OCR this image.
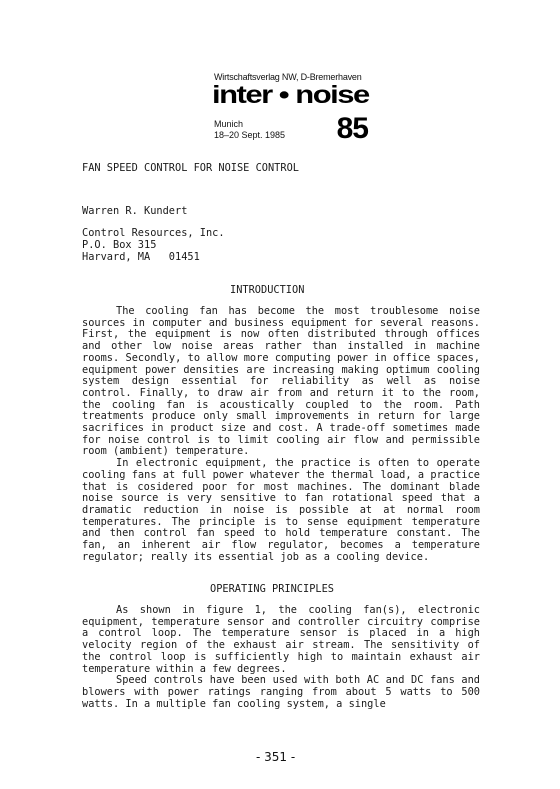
Wirtschaftsverlag NW, D-Bremerhaven
inter • noise
Munich
18–20 Sept. 1985 85
FAN SPEED CONTROL FOR NOISE CONTROL
Warren R. Kundert
Control Resources, Inc.
P.O. Box 315
Harvard, MA   01451
INTRODUCTION

The cooling fan has become the most troublesome noise sources in computer and business equipment for several reasons. First, the equipment is now often distributed through offices and other low noise areas rather than installed in machine rooms. Secondly, to allow more computing power in office spaces, equipment power densities are increasing making optimum cooling system design essential for reliability as well as noise control. Finally, to draw air from and return it to the room, the cooling fan is acoustically coupled to the room. Path treatments produce only small improvements in return for large sacrifices in product size and cost. A trade-off sometimes made for noise control is to limit cooling air flow and permissible room (ambient) temperature.

In electronic equipment, the practice is often to operate cooling fans at full power whatever the thermal load, a practice that is cosidered poor for most machines. The dominant blade noise source is very sensitive to fan rotational speed that a dramatic reduction in noise is possible at at normal room temperatures. The principle is to sense equipment temperature and then control fan speed to hold temperature constant. The fan, an inherent air flow regulator, becomes a temperature regulator; really its essential job as a cooling device.

OPERATING PRINCIPLES

As shown in figure 1, the cooling fan(s), electronic equipment, temperature sensor and controller circuitry comprise a control loop. The temperature sensor is placed in a high velocity region of the exhaust air stream. The sensitivity of the control loop is sufficiently high to maintain exhaust air temperature within a few degrees.

Speed controls have been used with both AC and DC fans and blowers with power ratings ranging from about 5 watts to 500 watts. In a multiple fan cooling system, a single

- 351 -
